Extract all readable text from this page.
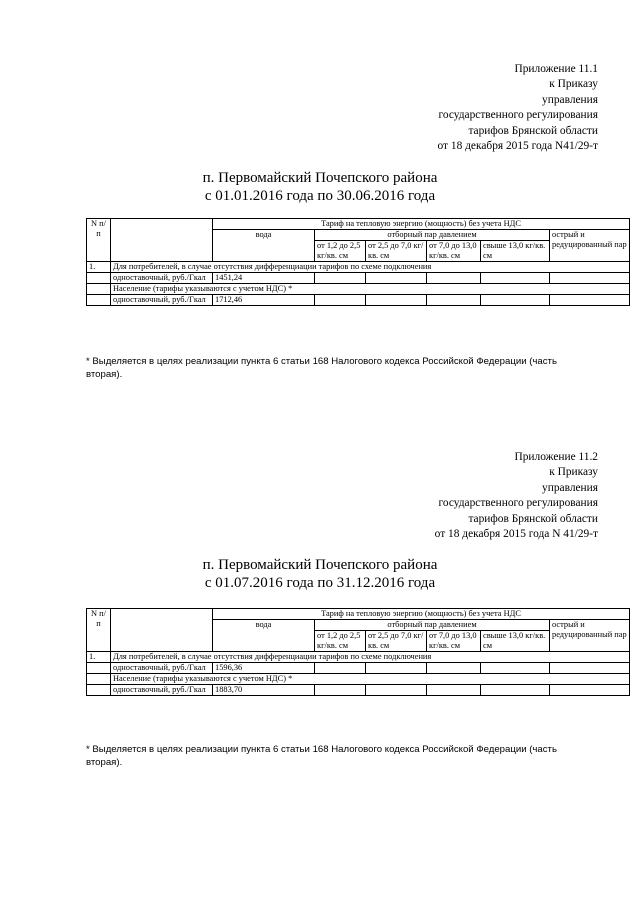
Приложение 11.1
к Приказу
управления
государственного регулирования
тарифов Брянской области
от 18 декабря 2015 года N41/29-т
п. Первомайский Почепского района
с 01.01.2016 года по 30.06.2016 года
N п/п		Тариф на тепловую энергию (мощность) без учета НДС					
		вода	отборный пар давлением				острый и редуцированный пар
			от 1,2 до 2,5 кг/кв. см	от 2,5 до 7,0 кг/кв. см	от 7,0 до 13,0 кг/кв. см	свыше 13,0 кг/кв. см	
1.	Для потребителей, в случае отсутствия дифференциации тарифов по схеме подключения						
	одноставочный, руб./Гкал	1451,24					
	Население (тарифы указываются с учетом НДС) *						
	одноставочный, руб./Гкал	1712,46					
* Выделяется в целях реализации пункта 6 статьи 168 Налогового кодекса Российской Федерации (часть вторая).
Приложение 11.2
к Приказу
управления
государственного регулирования
тарифов Брянской области
от 18 декабря 2015 года N 41/29-т
п. Первомайский Почепского района
с 01.07.2016 года по 31.12.2016 года
N п/п		Тариф на тепловую энергию (мощность) без учета НДС					
		вода	отборный пар давлением				острый и редуцированный пар
			от 1,2 до 2,5 кг/кв. см	от 2,5 до 7,0 кг/кв. см	от 7,0 до 13,0 кг/кв. см	свыше 13,0 кг/кв. см	
1.	Для потребителей, в случае отсутствия дифференциации тарифов по схеме подключения						
	одноставочный, руб./Гкал	1596,36					
	Население (тарифы указываются с учетом НДС) *						
	одноставочный, руб./Гкал	1883,70					
* Выделяется в целях реализации пункта 6 статьи 168 Налогового кодекса Российской Федерации (часть вторая).
